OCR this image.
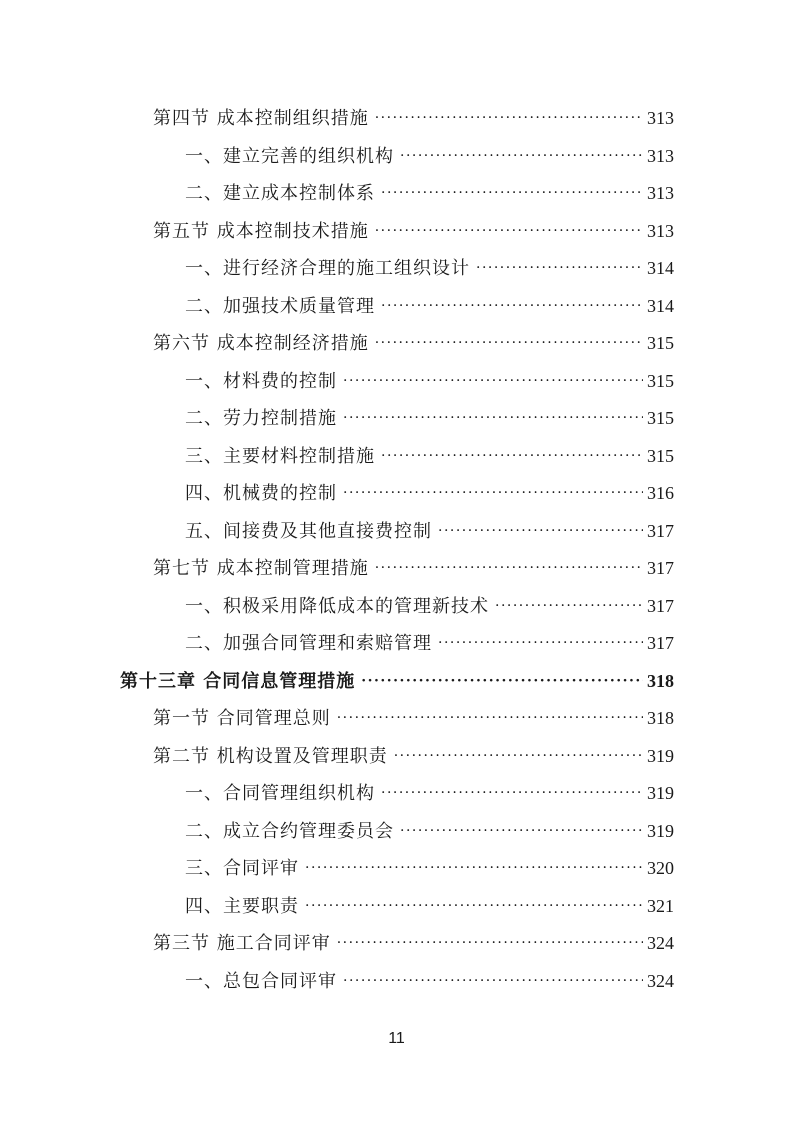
第四节 成本控制组织措施 ·····	313
一、建立完善的组织机构 ·····	313
二、建立成本控制体系 ·····	313
第五节 成本控制技术措施 ·····	313
一、进行经济合理的施工组织设计 ·····	314
二、加强技术质量管理 ·····	314
第六节 成本控制经济措施 ·····	315
一、材料费的控制 ·····	315
二、劳力控制措施 ·····	315
三、主要材料控制措施 ·····	315
四、机械费的控制 ·····	316
五、间接费及其他直接费控制 ·····	317
第七节 成本控制管理措施 ·····	317
一、积极采用降低成本的管理新技术 ·····	317
二、加强合同管理和索赔管理 ·····	317
第十三章 合同信息管理措施 ·····	318
第一节 合同管理总则 ·····	318
第二节 机构设置及管理职责 ·····	319
一、合同管理组织机构 ·····	319
二、成立合约管理委员会 ·····	319
三、合同评审 ·····	320
四、主要职责 ·····	321
第三节 施工合同评审 ·····	324
一、总包合同评审 ·····	324
11
